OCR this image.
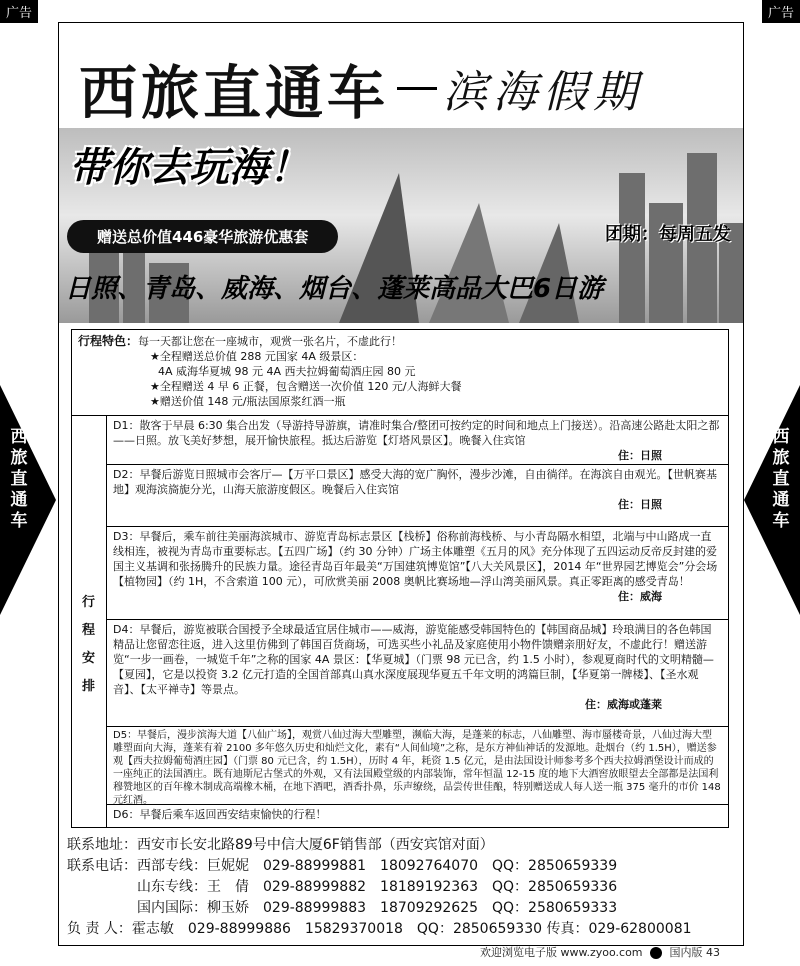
广告	广告
西
旅
直
通
车
西
旅
直
通
车
西旅直通车 滨海假期
带你去玩海！
赠送总价值446豪华旅游优惠套	团期：每周五发
日照、青岛、威海、烟台、蓬莱高品大巴6日游
行程特色：每一天都让您在一座城市，观赏一张名片，不虚此行！
★全程赠送总价值 288 元国家 4A 级景区：
4A 威海华夏城 98 元 4A 西夫拉姆葡萄酒庄园 80 元
★全程赠送 4 早 6 正餐，包含赠送一次价值 120 元/人海鲜大餐
★赠送价值 148 元/瓶法国原浆红酒一瓶
行
程
安
排
D1：散客于早晨 6:30 集合出发（导游持导游旗，请准时集合/整团可按约定的时间和地点上门接送）。沿高速公路赴太阳之都——日照。放飞美好梦想，展开愉快旅程。抵达后游览【灯塔风景区】。晚餐入住宾馆
住：日照
D2：早餐后游览日照城市会客厅—【万平口景区】感受大海的宽广胸怀，漫步沙滩，自由徜徉。在海滨自由观光。【世帆赛基地】观海滨旖旎分光，山海天旅游度假区。晚餐后入住宾馆
住：日照
D3：早餐后，乘车前往美丽海滨城市、游览青岛标志景区【栈桥】俗称前海栈桥、与小青岛隔水相望，北端与中山路成一直线相连，被视为青岛市重要标志。【五四广场】（约 30 分钟）广场主体雕塑《五月的风》充分体现了五四运动反帝反封建的爱国主义基调和张扬腾升的民族力量。途径青岛百年最美“万国建筑博览馆”【八大关风景区】，2014 年“世界园艺博览会”分会场【植物园】（约 1H，不含索道 100 元），可欣赏美丽 2008 奥帆比赛场地—浮山湾美丽风景。真正零距离的感受青岛！
住：威海
D4：早餐后，游览被联合国授予全球最适宜居住城市——威海，游览能感受韩国特色的【韩国商品城】玲琅满目的各色韩国精品让您留恋往返，进入这里仿佛到了韩国百货商场，可选买些小礼品及家庭使用小物件馈赠亲朋好友，不虚此行！赠送游览“一步一画卷，一城览千年”之称的国家 4A 景区：【华夏城】（门票 98 元已含，约 1.5 小时），参观夏商时代的文明精髓—【夏园】，它是以投资 3.2 亿元打造的全国首部真山真水深度展现华夏五千年文明的鸿篇巨制，【华夏第一牌楼】、【圣水观音】、【太平禅寺】等景点。
住：威海或蓬莱
D5：早餐后，漫步滨海大道【八仙广场】，观赏八仙过海大型雕塑，濒临大海，是蓬莱的标志，八仙雕塑、海市蜃楼奇景，八仙过海大型雕塑面向大海，蓬莱有着 2100 多年悠久历史和灿烂文化，素有“人间仙境”之称，是东方神仙神话的发源地。赴烟台（约 1.5H），赠送参观【西夫拉姆葡萄酒庄园】（门票 80 元已含，约 1.5H），历时 4 年，耗资 1.5 亿元，是由法国设计师参考多个西夫拉姆酒堡设计而成的一座纯正的法国酒庄。既有迪斯尼古堡式的外观，又有法国殿堂级的内部装饰，常年恒温 12-15 度的地下大酒窖放眼望去全部都是法国利穆赞地区的百年橡木制成高端橡木桶，在地下酒吧，酒香扑鼻，乐声缭绕，品尝传世佳酿，特别赠送成人每人送一瓶 375 毫升的市价 148 元红酒。
D6：早餐后乘车返回西安结束愉快的行程！
联系地址：西安市长安北路89号中信大厦6F销售部（西安宾馆对面）
联系电话：西部专线：巨妮妮　 029-88999881　 18092764070　 QQ：2850659339
山东专线：王　倩　 029-88999882　 18189192363　 QQ：2850659336
国内国际：柳玉娇　 029-88999883　 18709292625　 QQ：2580659333
负 责 人：霍志敏　029-88999886　15829370018　QQ：2850659330 传真：029-62800081
欢迎浏览电子版 www.zyoo.com 国内版 43
